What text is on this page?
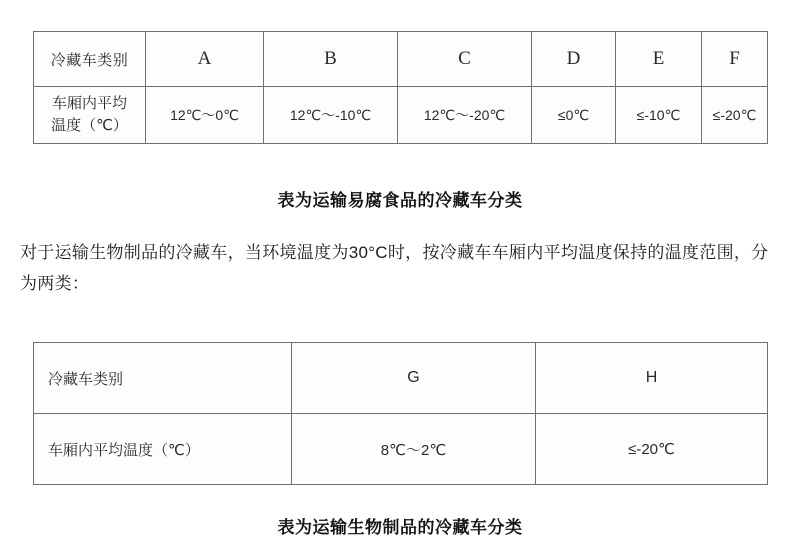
冷藏车类别	A	B	C	D	E	F

车厢内平均
温度（℃）	12℃～0℃	12℃～-10℃	12℃～-20℃	≤0℃	≤-10℃	≤-20℃
表为运输易腐食品的冷藏车分类
对于运输生物制品的冷藏车，当环境温度为30°C时，按冷藏车车厢内平均温度保持的温度范围，分为两类：
冷藏车类别	G	H
车厢内平均温度（℃）	8℃～2℃	≤-20℃
表为运输生物制品的冷藏车分类
